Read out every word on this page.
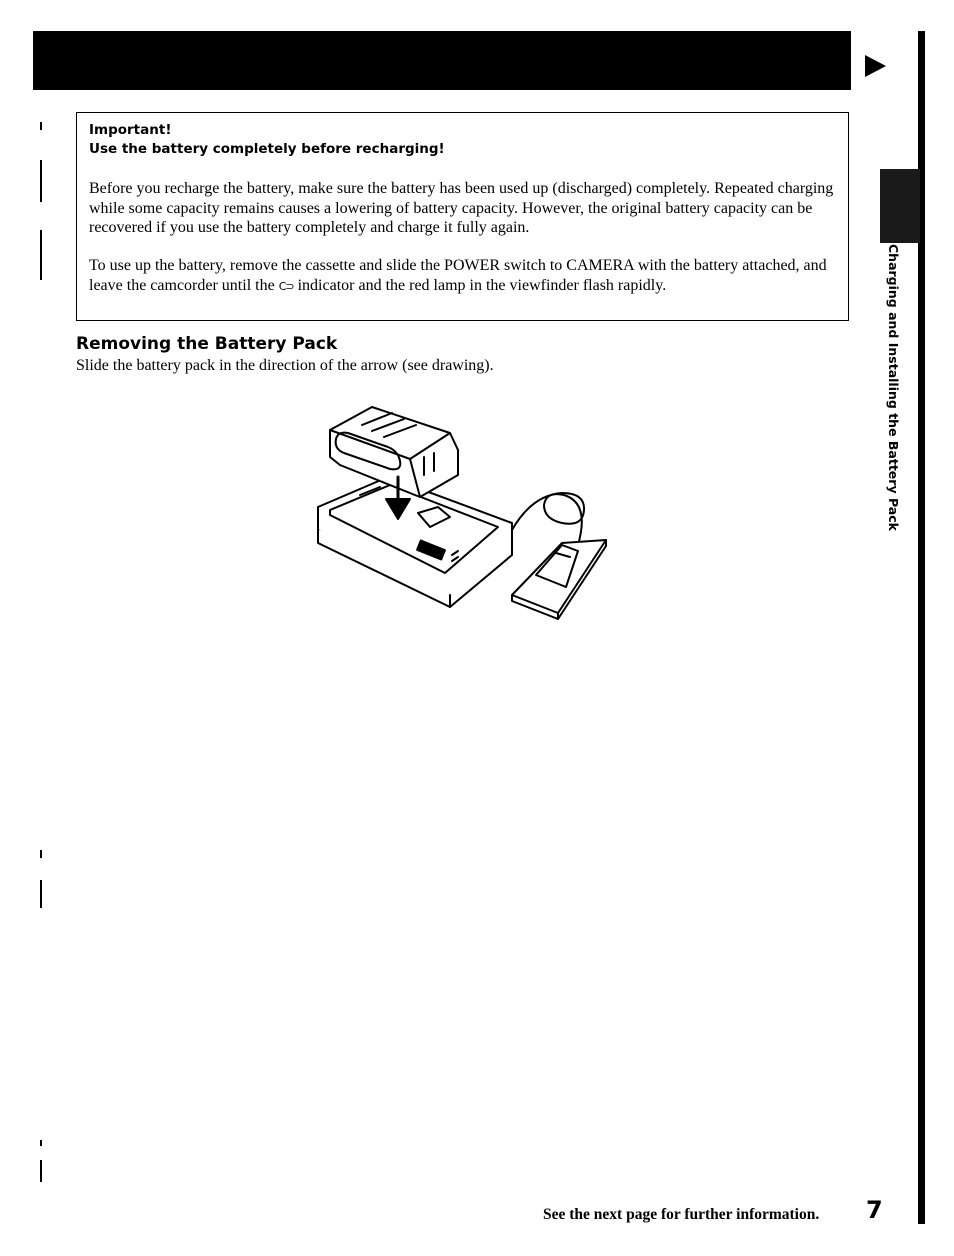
Charging and Installing the Battery Pack
Important!
Use the battery completely before recharging!

Before you recharge the battery, make sure the battery has been used up (discharged) completely. Repeated charging while some capacity remains causes a lowering of battery capacity. However, the original battery capacity can be recovered if you use the battery completely and charge it fully again.

To use up the battery, remove the cassette and slide the POWER switch to CAMERA with the battery attached, and leave the camcorder until the C⊃ indicator and the red lamp in the viewfinder flash rapidly.

Removing the Battery Pack

Slide the battery pack in the direction of the arrow (see drawing).

See the next page for further information. 7
